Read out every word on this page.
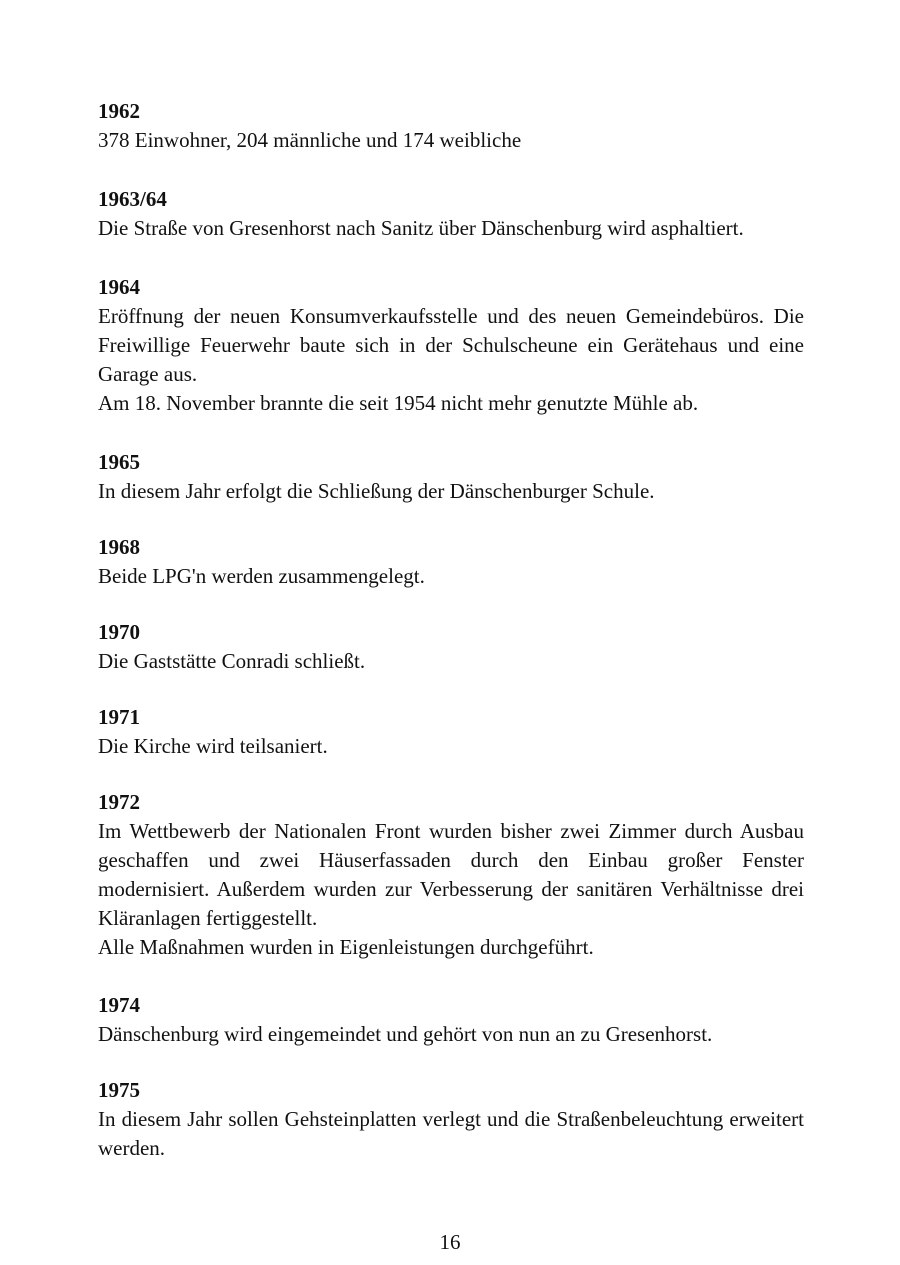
1962

378 Einwohner, 204 männliche und 174 weibliche

1963/64

Die Straße von Gresenhorst nach Sanitz über Dänschenburg wird asphaltiert.

1964

Eröffnung der neuen Konsumverkaufsstelle und des neuen Gemeindebüros. Die Freiwillige Feuerwehr baute sich in der Schulscheune ein Gerätehaus und eine Garage aus.

Am 18. November brannte die seit 1954 nicht mehr genutzte Mühle ab.

1965

In diesem Jahr erfolgt die Schließung der Dänschenburger Schule.

1968

Beide LPG'n werden zusammengelegt.

1970

Die Gaststätte Conradi schließt.

1971

Die Kirche wird teilsaniert.

1972

Im Wettbewerb der Nationalen Front wurden bisher zwei Zimmer durch Ausbau geschaffen und zwei Häuserfassaden durch den Einbau großer Fenster modernisiert. Außerdem wurden zur Verbesserung der sanitären Verhältnisse drei Kläranlagen fertiggestellt.

Alle Maßnahmen wurden in Eigenleistungen durchgeführt.

1974

Dänschenburg wird eingemeindet und gehört von nun an zu Gresenhorst.

1975

In diesem Jahr sollen Gehsteinplatten verlegt und die Straßenbeleuchtung erweitert werden.

16
